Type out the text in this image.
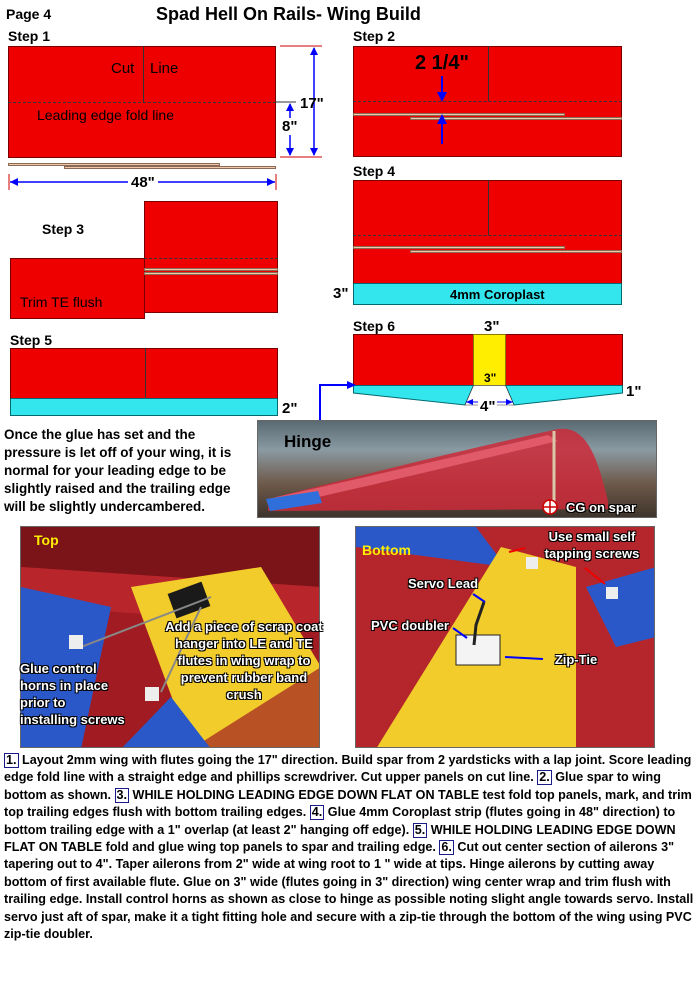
Page 4	Spad Hell On Rails- Wing Build
Step 1
Cut Line
Leading edge fold line
17"
8"
48"
Step 2
2 1/4"
Step 3
Trim TE flush
Step 4
4mm Coroplast
3"
Step 5
2"
Step 6	3"
3"
1"
4"
Once the glue has set and the pressure is let off of your wing, it is normal for your leading edge to be slightly raised and the trailing edge will be slightly undercambered.
Hinge
CG on spar
Top
Add a piece of scrap coat hanger into LE and TE flutes in wing wrap to prevent rubber band crush
Glue control horns in place prior to installing screws
Bottom
Use small self tapping screws
Servo Lead
PVC doubler
Zip-Tie
1. Layout 2mm wing with flutes going the 17" direction. Build spar from 2 yardsticks with a lap joint. Score leading edge fold line with a straight edge and phillips screwdriver. Cut upper panels on cut line. 2. Glue spar to wing bottom as shown. 3. WHILE HOLDING LEADING EDGE DOWN FLAT ON TABLE test fold top panels, mark, and trim top trailing edges flush with bottom trailing edges. 4. Glue 4mm Coroplast strip (flutes going in 48" direction) to bottom trailing edge with a 1" overlap (at least 2" hanging off edge). 5. WHILE HOLDING LEADING EDGE DOWN FLAT ON TABLE fold and glue wing top panels to spar and trailing edge. 6. Cut out center section of ailerons 3" tapering out to 4". Taper ailerons from 2" wide at wing root to 1 " wide at tips. Hinge ailerons by cutting away bottom of first available flute. Glue on 3" wide (flutes going in 3" direction) wing center wrap and trim flush with trailing edge. Install control horns as shown as close to hinge as possible noting slight angle towards servo. Install servo just aft of spar, make it a tight fitting hole and secure with a zip-tie through the bottom of the wing using PVC zip-tie doubler.
